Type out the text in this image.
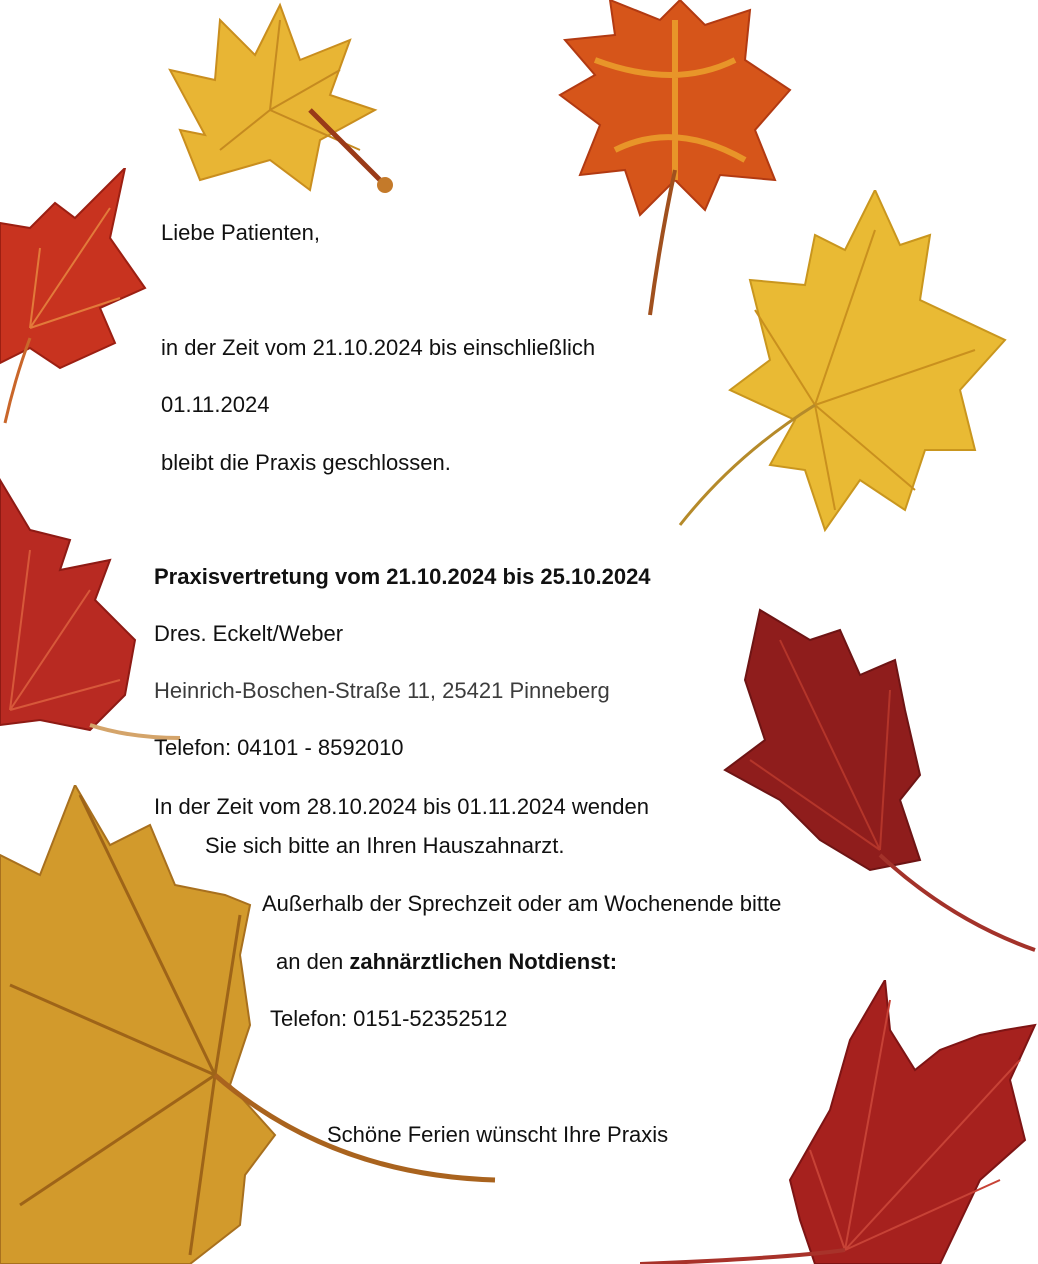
Liebe Patienten,
in der Zeit vom 21.10.2024 bis einschließlich
01.11.2024
bleibt die Praxis geschlossen.
Praxisvertretung vom 21.10.2024 bis 25.10.2024
Dres. Eckelt/Weber
Heinrich-Boschen-Straße 11, 25421 Pinneberg
Telefon: 04101 - 8592010
In der Zeit vom 28.10.2024 bis 01.11.2024 wenden
Sie sich bitte an Ihren Hauszahnarzt.
Außerhalb der Sprechzeit oder am Wochenende bitte
an den zahnärztlichen Notdienst:
Telefon: 0151-52352512
Schöne Ferien wünscht Ihre Praxis
